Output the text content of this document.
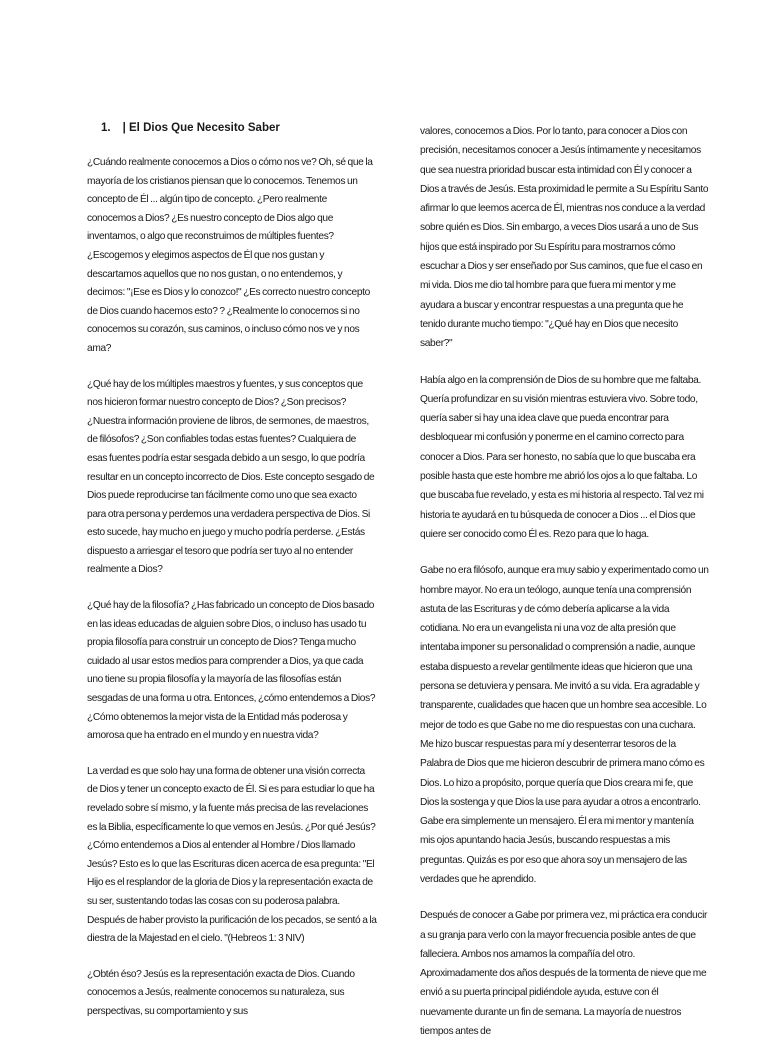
1. | El Dios Que Necesito Saber

¿Cuándo realmente conocemos a Dios o cómo nos ve? Oh, sé que la mayoría de los cristianos piensan que lo conocemos. Tenemos un concepto de Él ... algún tipo de concepto. ¿Pero realmente conocemos a Dios? ¿Es nuestro concepto de Dios algo que inventamos, o algo que reconstruimos de múltiples fuentes? ¿Escogemos y elegimos aspectos de Él que nos gustan y descartamos aquellos que no nos gustan, o no entendemos, y decimos: "¡Ese es Dios y lo conozco!" ¿Es correcto nuestro concepto de Dios cuando hacemos esto? ? ¿Realmente lo conocemos si no conocemos su corazón, sus caminos, o incluso cómo nos ve y nos ama?

¿Qué hay de los múltiples maestros y fuentes, y sus conceptos que nos hicieron formar nuestro concepto de Dios? ¿Son precisos? ¿Nuestra información proviene de libros, de sermones, de maestros, de filósofos? ¿Son confiables todas estas fuentes? Cualquiera de esas fuentes podría estar sesgada debido a un sesgo, lo que podría resultar en un concepto incorrecto de Dios. Este concepto sesgado de Dios puede reproducirse tan fácilmente como uno que sea exacto para otra persona y perdemos una verdadera perspectiva de Dios. Si esto sucede, hay mucho en juego y mucho podría perderse. ¿Estás dispuesto a arriesgar el tesoro que podría ser tuyo al no entender realmente a Dios?

¿Qué hay de la filosofía? ¿Has fabricado un concepto de Dios basado en las ideas educadas de alguien sobre Dios, o incluso has usado tu propia filosofía para construir un concepto de Dios? Tenga mucho cuidado al usar estos medios para comprender a Dios, ya que cada uno tiene su propia filosofía y la mayoría de las filosofías están sesgadas de una forma u otra. Entonces, ¿cómo entendemos a Dios? ¿Cómo obtenemos la mejor vista de la Entidad más poderosa y amorosa que ha entrado en el mundo y en nuestra vida?

La verdad es que solo hay una forma de obtener una visión correcta de Dios y tener un concepto exacto de Él. Si es para estudiar lo que ha revelado sobre sí mismo, y la fuente más precisa de las revelaciones es la Biblia, específicamente lo que vemos en Jesús. ¿Por qué Jesús? ¿Cómo entendemos a Dios al entender al Hombre / Dios llamado Jesús? Esto es lo que las Escrituras dicen acerca de esa pregunta: "El Hijo es el resplandor de la gloria de Dios y la representación exacta de su ser, sustentando todas las cosas con su poderosa palabra. Después de haber provisto la purificación de los pecados, se sentó a la diestra de la Majestad en el cielo. "(Hebreos 1: 3 NIV)

¿Obtén éso? Jesús es la representación exacta de Dios. Cuando conocemos a Jesús, realmente conocemos su naturaleza, sus perspectivas, su comportamiento y sus

valores, conocemos a Dios. Por lo tanto, para conocer a Dios con precisión, necesitamos conocer a Jesús íntimamente y necesitamos que sea nuestra prioridad buscar esta intimidad con Él y conocer a Dios a través de Jesús. Esta proximidad le permite a Su Espíritu Santo afirmar lo que leemos acerca de Él, mientras nos conduce a la verdad sobre quién es Dios. Sin embargo, a veces Dios usará a uno de Sus hijos que está inspirado por Su Espíritu para mostrarnos cómo escuchar a Dios y ser enseñado por Sus caminos, que fue el caso en mi vida. Dios me dio tal hombre para que fuera mi mentor y me ayudara a buscar y encontrar respuestas a una pregunta que he tenido durante mucho tiempo: "¿Qué hay en Dios que necesito saber?"

Había algo en la comprensión de Dios de su hombre que me faltaba. Quería profundizar en su visión mientras estuviera vivo. Sobre todo, quería saber si hay una idea clave que pueda encontrar para desbloquear mi confusión y ponerme en el camino correcto para conocer a Dios. Para ser honesto, no sabía que lo que buscaba era posible hasta que este hombre me abrió los ojos a lo que faltaba. Lo que buscaba fue revelado, y esta es mi historia al respecto. Tal vez mi historia te ayudará en tu búsqueda de conocer a Dios ... el Dios que quiere ser conocido como Él es. Rezo para que lo haga.

Gabe no era filósofo, aunque era muy sabio y experimentado como un hombre mayor. No era un teólogo, aunque tenía una comprensión astuta de las Escrituras y de cómo debería aplicarse a la vida cotidiana. No era un evangelista ni una voz de alta presión que intentaba imponer su personalidad o comprensión a nadie, aunque estaba dispuesto a revelar gentilmente ideas que hicieron que una persona se detuviera y pensara. Me invitó a su vida. Era agradable y transparente, cualidades que hacen que un hombre sea accesible. Lo mejor de todo es que Gabe no me dio respuestas con una cuchara. Me hizo buscar respuestas para mí y desenterrar tesoros de la Palabra de Dios que me hicieron descubrir de primera mano cómo es Dios. Lo hizo a propósito, porque quería que Dios creara mi fe, que Dios la sostenga y que Dios la use para ayudar a otros a encontrarlo. Gabe era simplemente un mensajero. Él era mi mentor y mantenía mis ojos apuntando hacia Jesús, buscando respuestas a mis preguntas. Quizás es por eso que ahora soy un mensajero de las verdades que he aprendido.

Después de conocer a Gabe por primera vez, mi práctica era conducir a su granja para verlo con la mayor frecuencia posible antes de que falleciera. Ambos nos amamos la compañía del otro. Aproximadamente dos años después de la tormenta de nieve que me envió a su puerta principal pidiéndole ayuda, estuve con él nuevamente durante un fin de semana. La mayoría de nuestros tiempos antes de
